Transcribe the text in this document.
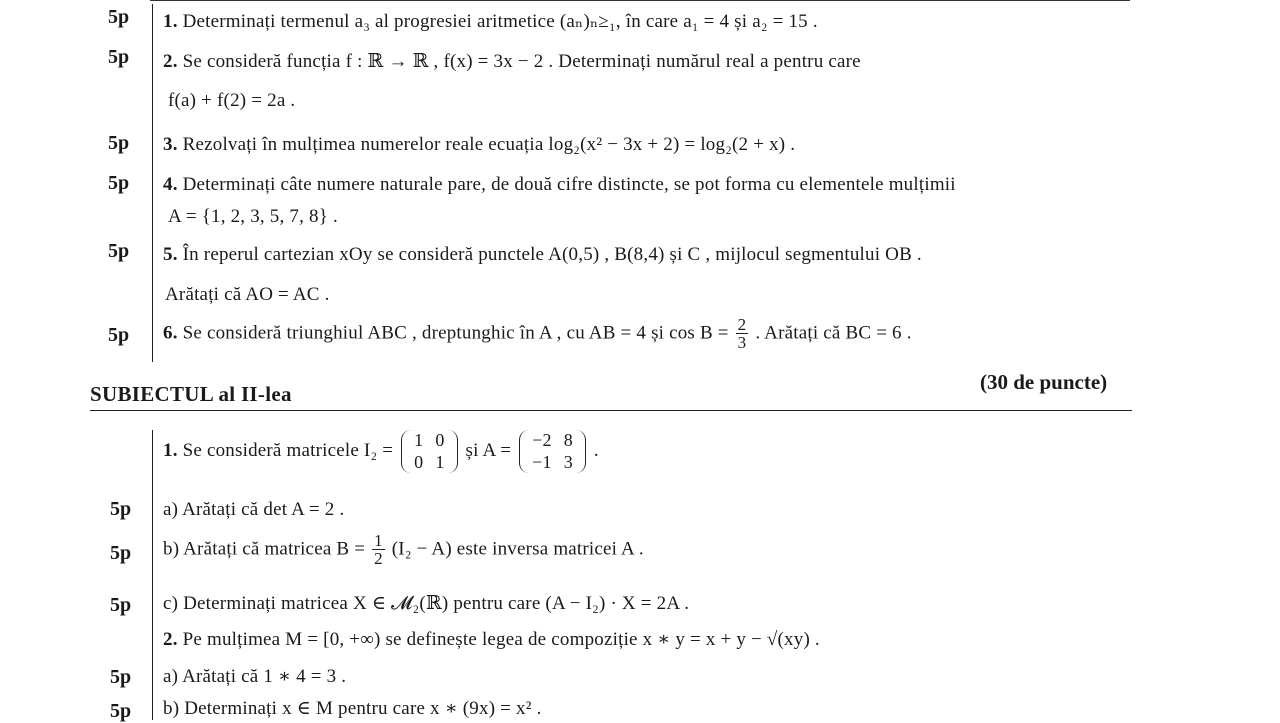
5p 1. Determinați termenul a₃ al progresiei aritmetice (aₙ)ₙ≥₁, în care a₁ = 4 și a₂ = 15 .
5p 2. Se consideră funcția f : ℝ → ℝ , f(x) = 3x − 2 . Determinați numărul real a pentru care
f(a) + f(2) = 2a .
5p 3. Rezolvați în mulțimea numerelor reale ecuația log₂(x² − 3x + 2) = log₂(2 + x) .
5p 4. Determinați câte numere naturale pare, de două cifre distincte, se pot forma cu elementele mulțimii
A = {1, 2, 3, 5, 7, 8} .
5p 5. În reperul cartezian xOy se consideră punctele A(0,5) , B(8,4) și C , mijlocul segmentului OB .
Arătați că AO = AC .
5p 6. Se consideră triunghiul ABC , dreptunghic în A , cu AB = 4 și $\cos B = \frac{2}{3}$ . Arătați că BC = 6 .
SUBIECTUL al II-lea	(30 de puncte)
1. Se consideră matricele I₂ = 1	0
0	1
și A = −2	8
−1	3
.
5p a) Arătați că det A = 2 .
5p b) Arătați că matricea $B = \frac{1}{2} (I_2 - A)$ este inversa matricei A .
5p c) Determinați matricea X ∈ 𝓜₂(ℝ) pentru care (A − I₂) · X = 2A .
2. Pe mulțimea M = [0, +∞) se definește legea de compoziție x ∗ y = x + y − √(xy) .
5p a) Arătați că 1 ∗ 4 = 3 .
5p b) Determinați x ∈ M pentru care x ∗ (9x) = x² .
